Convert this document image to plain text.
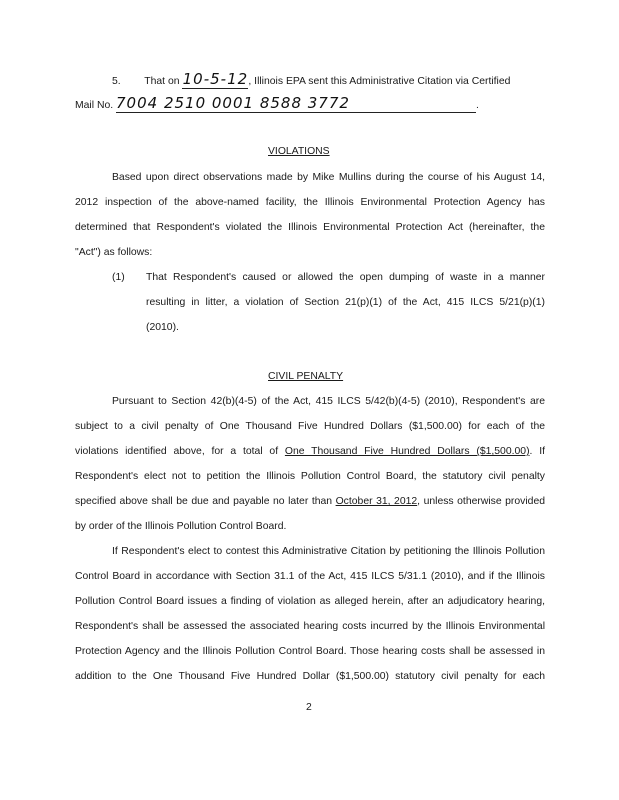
5. That on 10-5-12, Illinois EPA sent this Administrative Citation via Certified
Mail No. 7004 2510 0001 8588 3772	.
VIOLATIONS
Based upon direct observations made by Mike Mullins during the course of his August 14,
2012 inspection of the above-named facility, the Illinois Environmental Protection Agency has
determined that Respondent's violated the Illinois Environmental Protection Act (hereinafter, the
"Act") as follows:
(1) That Respondent's caused or allowed the open dumping of waste in a manner
resulting in litter, a violation of Section 21(p)(1) of the Act, 415 ILCS 5/21(p)(1)
(2010).
CIVIL PENALTY
Pursuant to Section 42(b)(4-5) of the Act, 415 ILCS 5/42(b)(4-5) (2010), Respondent's are
subject to a civil penalty of One Thousand Five Hundred Dollars ($1,500.00) for each of the
violations identified above, for a total of One Thousand Five Hundred Dollars ($1,500.00). If
Respondent's elect not to petition the Illinois Pollution Control Board, the statutory civil penalty
specified above shall be due and payable no later than October 31, 2012, unless otherwise provided
by order of the Illinois Pollution Control Board.
If Respondent's elect to contest this Administrative Citation by petitioning the Illinois Pollution
Control Board in accordance with Section 31.1 of the Act, 415 ILCS 5/31.1 (2010), and if the Illinois
Pollution Control Board issues a finding of violation as alleged herein, after an adjudicatory hearing,
Respondent's shall be assessed the associated hearing costs incurred by the Illinois Environmental
Protection Agency and the Illinois Pollution Control Board. Those hearing costs shall be assessed in
addition to the One Thousand Five Hundred Dollar ($1,500.00) statutory civil penalty for each
2
